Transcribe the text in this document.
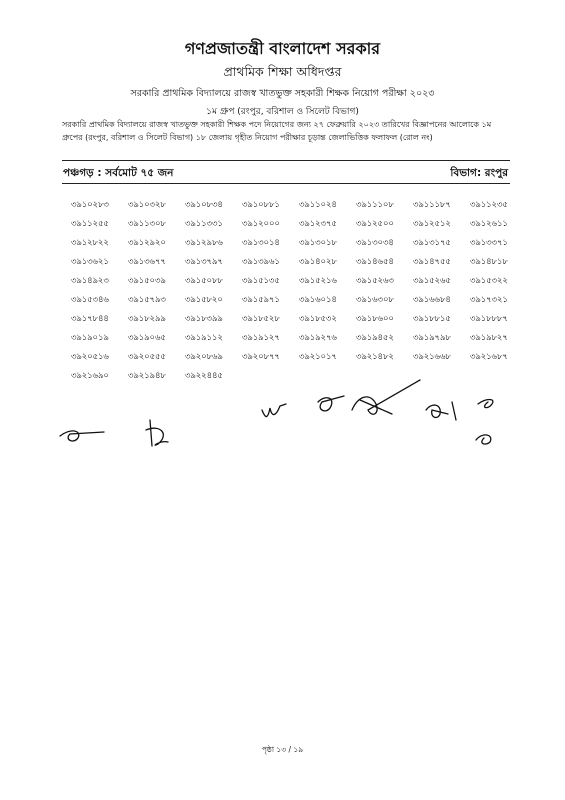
গণপ্রজাতন্ত্রী বাংলাদেশ সরকার
প্রাথমিক শিক্ষা অধিদপ্তর
সরকারি প্রাথমিক বিদ্যালয়ে রাজস্ব খাতভুক্ত সহকারী শিক্ষক নিয়োগ পরীক্ষা ২০২৩
১ম গ্রুপ (রংপুর, বরিশাল ও সিলেট বিভাগ)
সরকারি প্রাথমিক বিদ্যালয়ে রাজস্ব খাতভুক্ত সহকারী শিক্ষক পদে নিয়োগের জন্য ২৭ ফেব্রুয়ারি ২০২৩ তারিখের বিজ্ঞাপনের আলোকে ১ম গ্রুপের (রংপুর, বরিশাল ও সিলেট বিভাগ) ১৮ জেলায় গৃহীত নিয়োগ পরীক্ষার চূড়ান্ত জেলাভিত্তিক ফলাফল (রোল নং)
পঞ্চগড় : সর্বমোট ৭৫ জন	বিভাগ: রংপুর
৩৯১০২৮৩	৩৯১০৩২৮	৩৯১০৮৩৪	৩৯১০৮৮১	৩৯১১০২৪	৩৯১১১০৮	৩৯১১১৮৭	৩৯১১২৩৫
৩৯১১২৫৫	৩৯১১৩০৮	৩৯১১৩৩১	৩৯১২০০০	৩৯১২৩৭৫	৩৯১২৫০০	৩৯১২৫১২	৩৯১২৬১১
৩৯১২৮২২	৩৯১২৯২০	৩৯১২৯৮৬	৩৯১৩০১৪	৩৯১৩০১৮	৩৯১৩০৩৪	৩৯১৩১৭৫	৩৯১৩৩৭১
৩৯১৩৬২১	৩৯১৩৬৭৭	৩৯১৩৭৯৭	৩৯১৩৯৬১	৩৯১৪০২৮	৩৯১৪৬৫৪	৩৯১৪৭৫৫	৩৯১৪৮১৮
৩৯১৪৯২৩	৩৯১৫০৩৯	৩৯১৫০৮৮	৩৯১৫১৩৫	৩৯১৫২১৬	৩৯১৫২৬৩	৩৯১৫২৬৫	৩৯১৫৩২২
৩৯১৫৩৪৬	৩৯১৫৭৯৩	৩৯১৫৮২০	৩৯১৫৯৭১	৩৯১৬০১৪	৩৯১৬৩০৮	৩৯১৬৬৮৪	৩৯১৭৩২১
৩৯১৭৮৪৪	৩৯১৮২৯৯	৩৯১৮৩৯৯	৩৯১৮৫২৮	৩৯১৮৫৩২	৩৯১৮৬০০	৩৯১৮৮১৫	৩৯১৮৮৮৭
৩৯১৯০১৯	৩৯১৯০৬৫	৩৯১৯১১২	৩৯১৯১২৭	৩৯১৯২৭৬	৩৯১৯৪৫২	৩৯১৯৭৯৮	৩৯১৯৮২৭
৩৯২০৫১৬	৩৯২০৫৫৫	৩৯২০৮৬৯	৩৯২০৮৭৭	৩৯২১০১৭	৩৯২১৪৮২	৩৯২১৬৬৮	৩৯২১৬৮৭
৩৯২১৬৯০	৩৯২১৯৪৮	৩৯২২৪৪৫
পৃষ্ঠা ১৩ / ১৯
